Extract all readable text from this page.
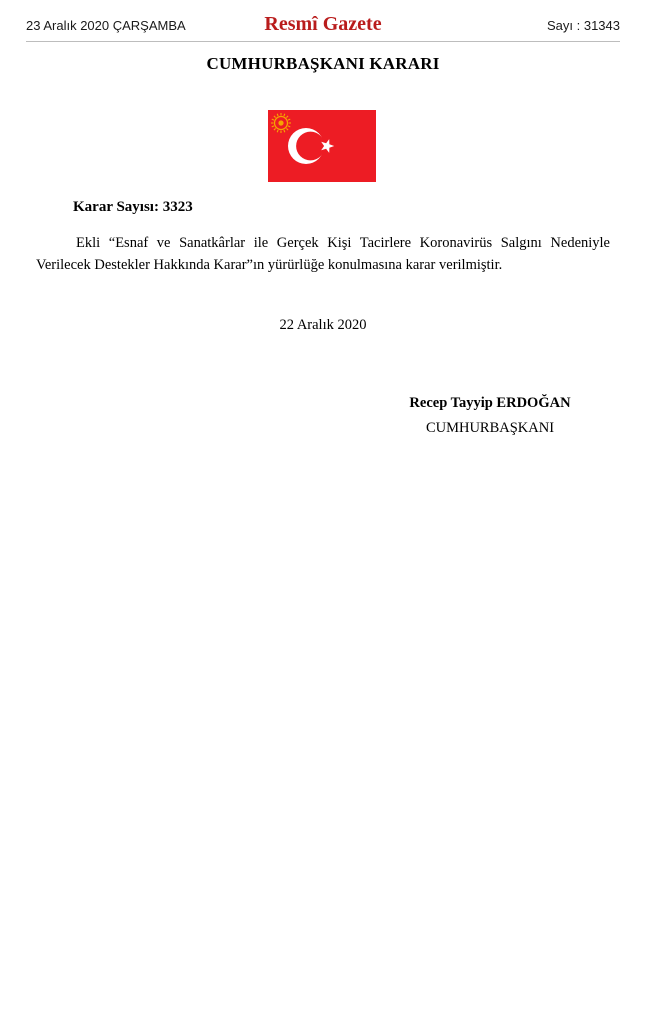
23 Aralık 2020 ÇARŞAMBA	Resmî Gazete	Sayı : 31343
CUMHURBAŞKANI KARARI
Karar Sayısı: 3323
Ekli “Esnaf ve Sanatkârlar ile Gerçek Kişi Tacirlere Koronavirüs Salgını Nedeniyle Verilecek Destekler Hakkında Karar”ın yürürlüğe konulmasına karar verilmiştir.
22 Aralık 2020
Recep Tayyip ERDOĞAN
CUMHURBAŞKANI
